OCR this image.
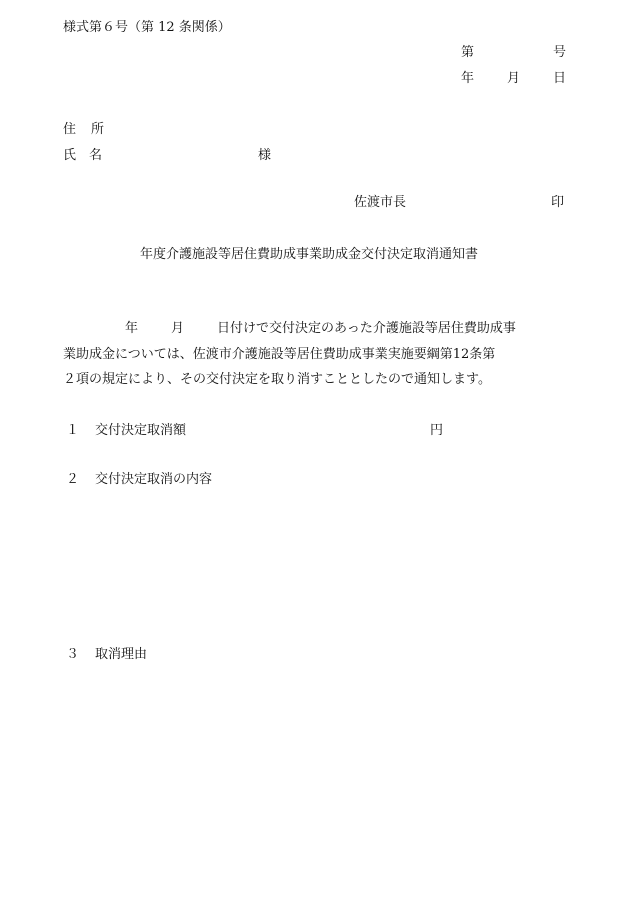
様式第６号（第 12 条関係）
第	号
年	月	日
住　所
氏　名	様
佐渡市長	印
年度介護施設等居住費助成事業助成金交付決定取消通知書
年	月	日付けで交付決定のあった介護施設等居住費助成事
業助成金については、佐渡市介護施設等居住費助成事業実施要綱第12条第
２項の規定により、その交付決定を取り消すこととしたので通知します。
１ 交付決定取消額	円
２ 交付決定取消の内容
３ 取消理由
